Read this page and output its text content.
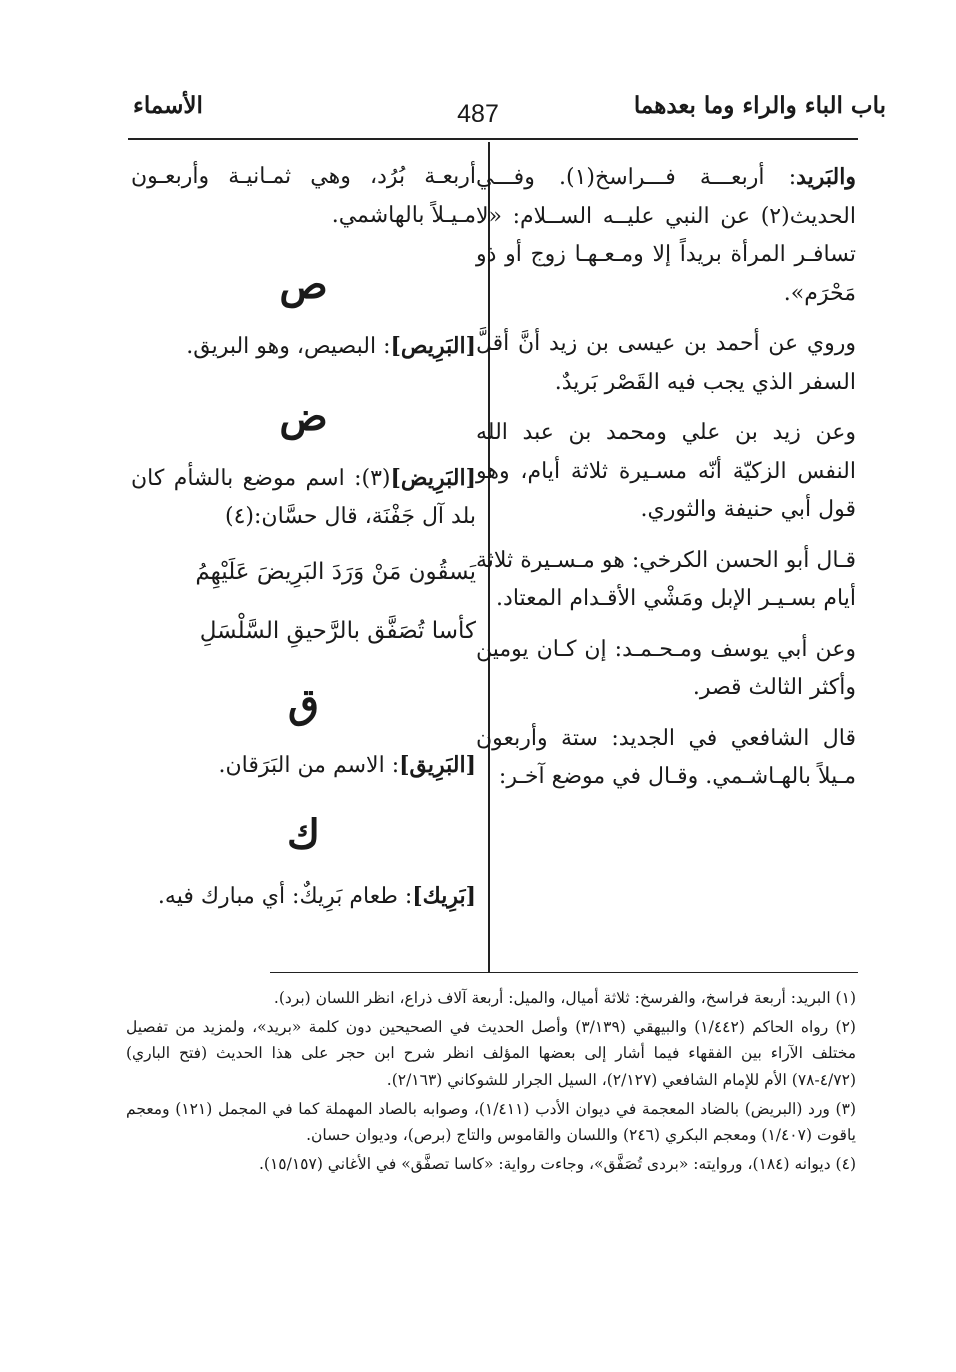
باب الباء والراء وما بعدهما
487
الأسماء

والبَريد: أربعـــة فـــراسخ(١). وفـــي الحديث(٢) عن النبي عليــه الســلام: «لا تسافـر المرأة بريداً إلا ومـعـهـا زوج أو ذو مَحْرَم».

وروي عن أحمد بن عيسى بن زيد أنَّ أقلَّ السفر الذي يجب فيه القَصْر بَريدٌ.

وعن زيد بن علي ومحمد بن عبد الله النفس الزكيّة أنّه مسـيرة ثلاثة أيام، وهو قول أبي حنيفة والثوري.

قـال أبو الحسن الكرخي: هو مـسـيرة ثلاثة أيام بسـيـر الإبل ومَشْي الأقـدام المعتاد.

وعن أبي يوسف ومـحـمـد: إن كـان يومين وأكثر الثالث قصر.

قال الشافعي في الجديد: ستة وأربعون مـيلاً بالهـاشـمي. وقـال في موضع آخـر:

أربعـة بُرُد، وهي ثمـانيـة وأربعـون مـيـلاً بالهاشمي.

ص

[البَرِيص]: البصيص، وهو البريق.

ض

[البَرِيض](٣): اسم موضع بالشأم كان بلد آل جَفْنَة، قال حسَّان:(٤)

يَسقُون مَنْ وَرَدَ البَرِيضَ عَلَيْهِمُ
كأسا تُصَفَّق بالرَّحيقِ السَّلْسَلِ
ق

[البَرِيق]: الاسم من البَرَقان.

ك

[بَرِيك]: طعام بَرِيكٌ: أي مبارك فيه.

(١) البريد: أربعة فراسخ، والفرسخ: ثلاثة أميال، والميل: أربعة آلاف ذراع، انظر اللسان (برد).

(٢) رواه الحاكم (١/٤٤٢) والبيهقي (٣/١٣٩) وأصل الحديث في الصحيحين دون كلمة «بريد»، ولمزيد من تفصيل مختلف الآراء بين الفقهاء فيما أشار إلى بعضها المؤلف انظر شرح ابن حجر على هذا الحديث (فتح الباري) (٤/٧٢-٧٨) الأم للإمام الشافعي (٢/١٢٧)، السيل الجرار للشوكاني (٢/١٦٣).

(٣) ورد (البريض) بالضاد المعجمة في ديوان الأدب (١/٤١١)، وصوابه بالصاد المهملة كما في المجمل (١٢١) ومعجم ياقوت (١/٤٠٧) ومعجم البكري (٢٤٦) واللسان والقاموس والتاج (برص)، وديوان حسان.

(٤) ديوانه (١٨٤)، وروايته: «بردى تُصَفَّق»، وجاءت رواية: «كاسا تصفَّق» في الأغاني (١٥/١٥٧).
